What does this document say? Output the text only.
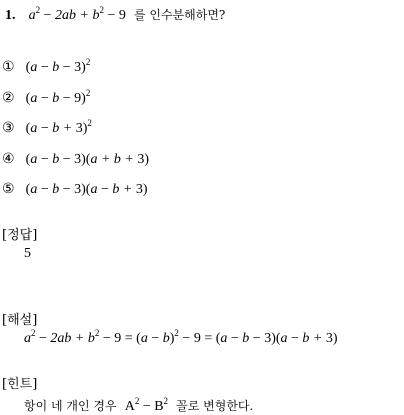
1. $a^2 - 2ab + b^2 - 9$ 를 인수분해하면?
① $(a - b - 3)^2$
② $(a - b - 9)^2$
③ $(a - b + 3)^2$
④ (a − b − 3)(a + b + 3)
⑤ (a − b − 3)(a − b + 3)
[정답]
5
[해설]
$a^2 - 2ab + b^2 - 9 = (a - b)^2 - 9 = (a - b - 3)(a - b + 3)$
[힌트]
항이 네 개인 경우 $A^2 - B^2$ 꼴로 변형한다.
